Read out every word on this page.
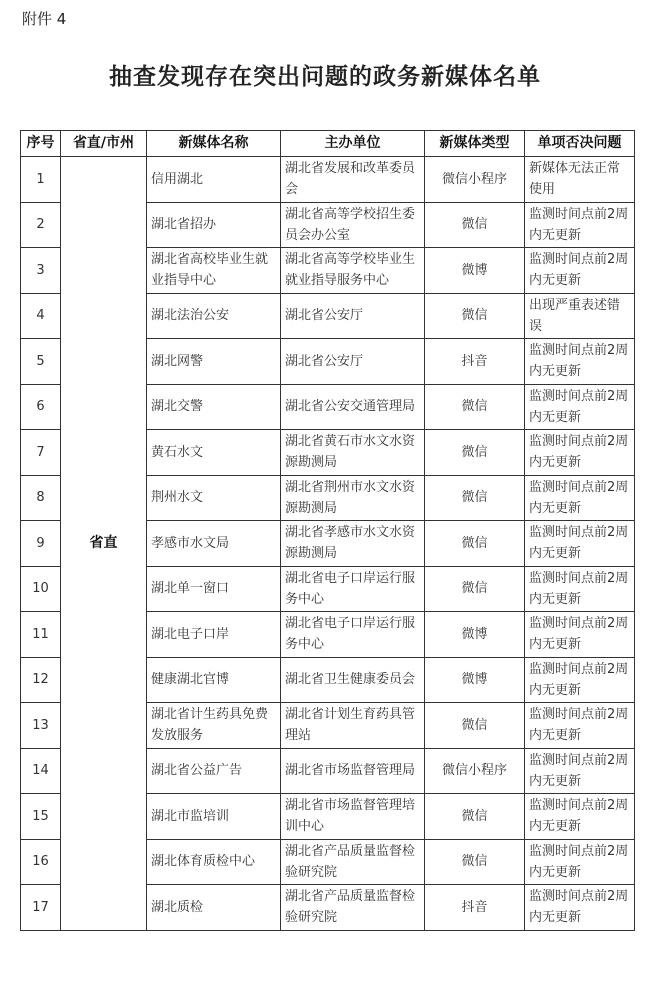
附件 4
抽查发现存在突出问题的政务新媒体名单
序号	省直/市州	新媒体名称	主办单位	新媒体类型	单项否决问题
1	省直	信用湖北	湖北省发展和改革委员会	微信小程序	新媒体无法正常使用
2		湖北省招办	湖北省高等学校招生委员会办公室	微信	监测时间点前2周内无更新
3		湖北省高校毕业生就业指导中心	湖北省高等学校毕业生就业指导服务中心	微博	监测时间点前2周内无更新
4		湖北法治公安	湖北省公安厅	微信	出现严重表述错误
5		湖北网警	湖北省公安厅	抖音	监测时间点前2周内无更新
6		湖北交警	湖北省公安交通管理局	微信	监测时间点前2周内无更新
7		黄石水文	湖北省黄石市水文水资源勘测局	微信	监测时间点前2周内无更新
8		荆州水文	湖北省荆州市水文水资源勘测局	微信	监测时间点前2周内无更新
9		孝感市水文局	湖北省孝感市水文水资源勘测局	微信	监测时间点前2周内无更新
10		湖北单一窗口	湖北省电子口岸运行服务中心	微信	监测时间点前2周内无更新
11		湖北电子口岸	湖北省电子口岸运行服务中心	微博	监测时间点前2周内无更新
12		健康湖北官博	湖北省卫生健康委员会	微博	监测时间点前2周内无更新
13		湖北省计生药具免费发放服务	湖北省计划生育药具管理站	微信	监测时间点前2周内无更新
14		湖北省公益广告	湖北省市场监督管理局	微信小程序	监测时间点前2周内无更新
15		湖北市监培训	湖北省市场监督管理培训中心	微信	监测时间点前2周内无更新
16		湖北体育质检中心	湖北省产品质量监督检验研究院	微信	监测时间点前2周内无更新
17		湖北质检	湖北省产品质量监督检验研究院	抖音	监测时间点前2周内无更新
